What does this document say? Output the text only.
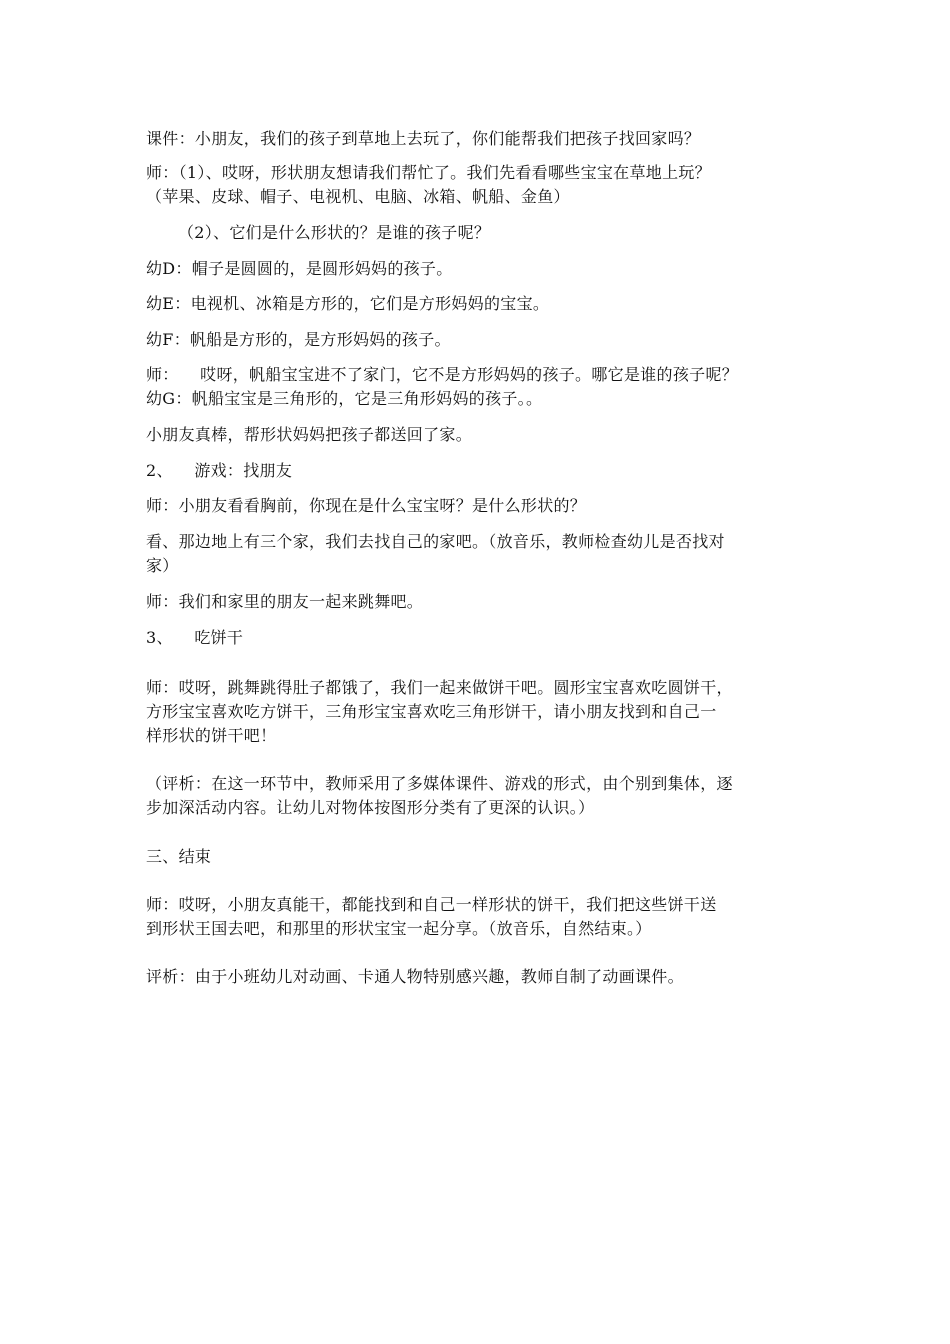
课件：小朋友，我们的孩子到草地上去玩了，你们能帮我们把孩子找回家吗？
师：（1）、哎呀，形状朋友想请我们帮忙了。我们先看看哪些宝宝在草地上玩？
（苹果、皮球、帽子、电视机、电脑、冰箱、帆船、金鱼）
（2）、它们是什么形状的？是谁的孩子呢？
幼D：帽子是圆圆的，是圆形妈妈的孩子。
幼E：电视机、冰箱是方形的，它们是方形妈妈的宝宝。
幼F：帆船是方形的，是方形妈妈的孩子。
师：    哎呀，帆船宝宝进不了家门，它不是方形妈妈的孩子。哪它是谁的孩子呢？
幼G：帆船宝宝是三角形的，它是三角形妈妈的孩子。。
小朋友真棒，帮形状妈妈把孩子都送回了家。
2、    游戏：找朋友
师：小朋友看看胸前，你现在是什么宝宝呀？是什么形状的？
看、那边地上有三个家，我们去找自己的家吧。（放音乐，教师检查幼儿是否找对
家）
师：我们和家里的朋友一起来跳舞吧。
3、    吃饼干
师：哎呀，跳舞跳得肚子都饿了，我们一起来做饼干吧。圆形宝宝喜欢吃圆饼干，
方形宝宝喜欢吃方饼干，三角形宝宝喜欢吃三角形饼干，请小朋友找到和自己一
样形状的饼干吧！
（评析：在这一环节中，教师采用了多媒体课件、游戏的形式，由个别到集体，逐
步加深活动内容。让幼儿对物体按图形分类有了更深的认识。）
三、结束
师：哎呀，小朋友真能干，都能找到和自己一样形状的饼干，我们把这些饼干送
到形状王国去吧，和那里的形状宝宝一起分享。（放音乐，自然结束。）
评析：由于小班幼儿对动画、卡通人物特别感兴趣，教师自制了动画课件。
